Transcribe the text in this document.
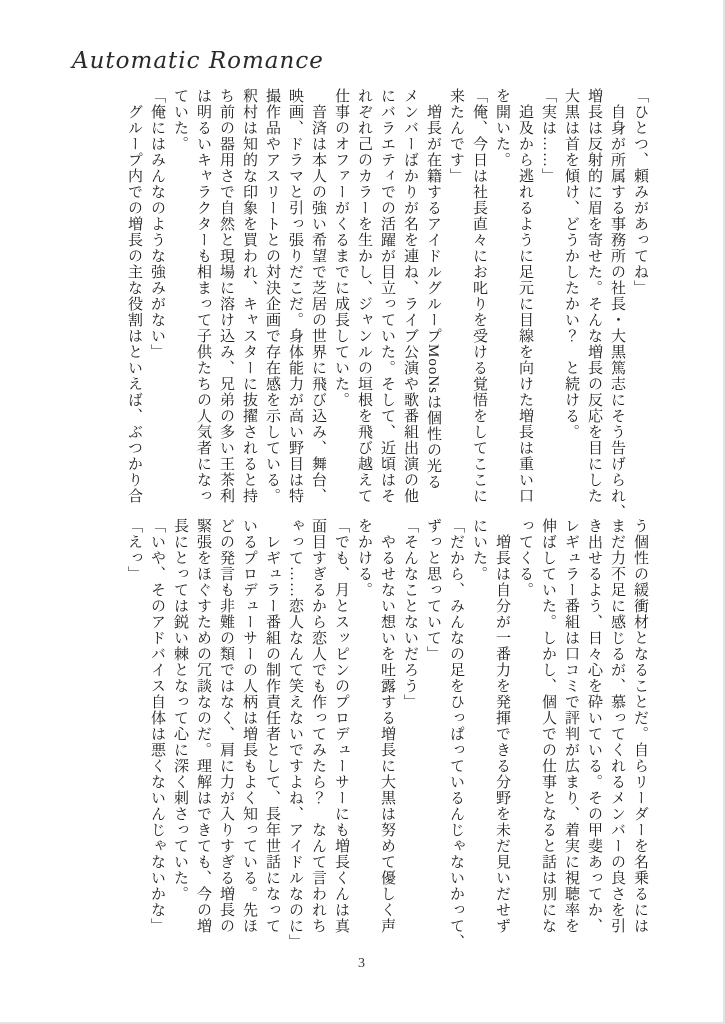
Automatic Romance
「ひとつ、頼みがあってね」
　自身が所属する事務所の社長・大黒篤志にそう告げられ、
増長は反射的に眉を寄せた。そんな増長の反応を目にした
大黒は首を傾け、どうかしたかい？　と続ける。
「実は……」
　追及から逃れるように足元に目線を向けた増長は重い口
を開いた。
「俺、今日は社長直々にお叱りを受ける覚悟をしてここに
来たんです」
　増長が在籍するアイドルグループMooNsは個性の光る
メンバーばかりが名を連ね、ライブ公演や歌番組出演の他
にバラエティでの活躍が目立っていた。そして、近頃はそ
れぞれ己のカラーを生かし、ジャンルの垣根を飛び越えて
仕事のオファーがくるまでに成長していた。
　音済は本人の強い希望で芝居の世界に飛び込み、舞台、
映画、ドラマと引っ張りだこだ。身体能力が高い野目は特
撮作品やアスリートとの対決企画で存在感を示している。
釈村は知的な印象を買われ、キャスターに抜擢されると持
ち前の器用さで自然と現場に溶け込み、兄弟の多い王茶利
は明るいキャラクターも相まって子供たちの人気者になっ
ていた。
「俺にはみんなのような強みがない」
　グループ内での増長の主な役割はといえば、ぶつかり合
う個性の緩衝材となることだ。自らリーダーを名乗るには
まだ力不足に感じるが、慕ってくれるメンバーの良さを引
き出せるよう、日々心を砕いている。その甲斐あってか、
レギュラー番組は口コミで評判が広まり、着実に視聴率を
伸ばしていた。しかし、個人での仕事となると話は別にな
ってくる。
　増長は自分が一番力を発揮できる分野を未だ見いだせず
にいた。
「だから、みんなの足をひっぱっているんじゃないかって、
ずっと思っていて」
「そんなことないだろう」
　やるせない想いを吐露する増長に大黒は努めて優しく声
をかける。
「でも、月とスッピンのプロデューサーにも増長くんは真
面目すぎるから恋人でも作ってみたら？　なんて言われち
ゃって……恋人なんて笑えないですよね、アイドルなのに」
　レギュラー番組の制作責任者として、長年世話になって
いるプロデューサーの人柄は増長もよく知っている。先ほ
どの発言も非難の類ではなく、肩に力が入りすぎる増長の
緊張をほぐすための冗談なのだ。理解はできても、今の増
長にとっては鋭い棘となって心に深く刺さっていた。
「いや、そのアドバイス自体は悪くないんじゃないかな」
「えっ」
3
